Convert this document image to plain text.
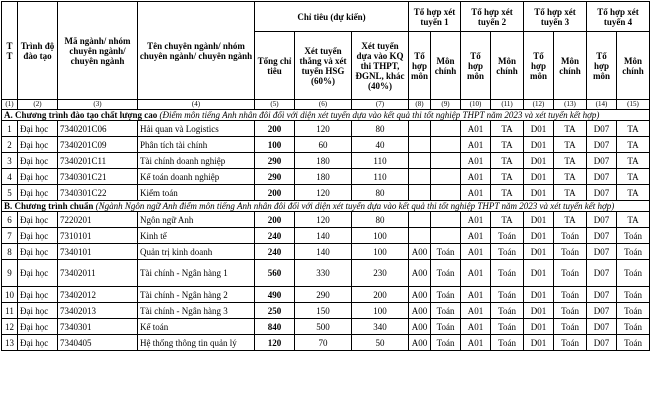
T T	Trình độ đào tạo	Mã ngành/ nhóm chuyên ngành/ chuyên ngành	Tên chuyên ngành/ nhóm chuyên ngành/ chuyên ngành	Chỉ tiêu (dự kiến)			Tổ hợp xét tuyển 1		Tổ hợp xét tuyển 2		Tổ hợp xét tuyển 3		Tổ hợp xét tuyển 4	
				Tổng chỉ tiêu	Xét tuyển thẳng và xét tuyển HSG (60%)	Xét tuyển dựa vào KQ thi THPT, ĐGNL, khác (40%)	Tổ hợp môn	Môn chính	Tổ hợp môn	Môn chính	Tổ hợp môn	Môn chính	Tổ hợp môn	Môn chính
(1)	(2)	(3)	(4)	(5)	(6)	(7)	(8)	(9)	(10)	(11)	(12)	(13)	(14)	(15)
A. Chương trình đào tạo chất lượng cao (Điểm môn tiếng Anh nhân đôi đối với diện xét tuyển dựa vào kết quả thi tốt nghiệp THPT năm 2023 và xét tuyển kết hợp)														
1	Đại học	7340201C06	Hải quan và Logistics	200	120	80			A01	TA	D01	TA	D07	TA
2	Đại học	7340201C09	Phân tích tài chính	100	60	40			A01	TA	D01	TA	D07	TA
3	Đại học	7340201C11	Tài chính doanh nghiệp	290	180	110			A01	TA	D01	TA	D07	TA
4	Đại học	7340301C21	Kế toán doanh nghiệp	290	180	110			A01	TA	D01	TA	D07	TA
5	Đại học	7340301C22	Kiểm toán	200	120	80			A01	TA	D01	TA	D07	TA
B. Chương trình chuẩn (Ngành Ngôn ngữ Anh điểm môn tiếng Anh nhân đôi đối với diện xét tuyển dựa vào kết quả thi tốt nghiệp THPT năm 2023 và xét tuyển kết hợp)														
6	Đại học	7220201	Ngôn ngữ Anh	200	120	80			A01	TA	D01	TA	D07	TA
7	Đại học	7310101	Kinh tế	240	140	100			A01	Toán	D01	Toán	D07	Toán
8	Đại học	7340101	Quản trị kinh doanh	240	140	100	A00	Toán	A01	Toán	D01	Toán	D07	Toán
9	Đại học	73402011	Tài chính - Ngân hàng 1	560	330	230	A00	Toán	A01	Toán	D01	Toán	D07	Toán
10	Đại học	73402012	Tài chính - Ngân hàng 2	490	290	200	A00	Toán	A01	Toán	D01	Toán	D07	Toán
11	Đại học	73402013	Tài chính - Ngân hàng 3	250	150	100	A00	Toán	A01	Toán	D01	Toán	D07	Toán
12	Đại học	7340301	Kế toán	840	500	340	A00	Toán	A01	Toán	D01	Toán	D07	Toán
13	Đại học	7340405	Hệ thống thông tin quản lý	120	70	50	A00	Toán	A01	Toán	D01	Toán	D07	Toán
